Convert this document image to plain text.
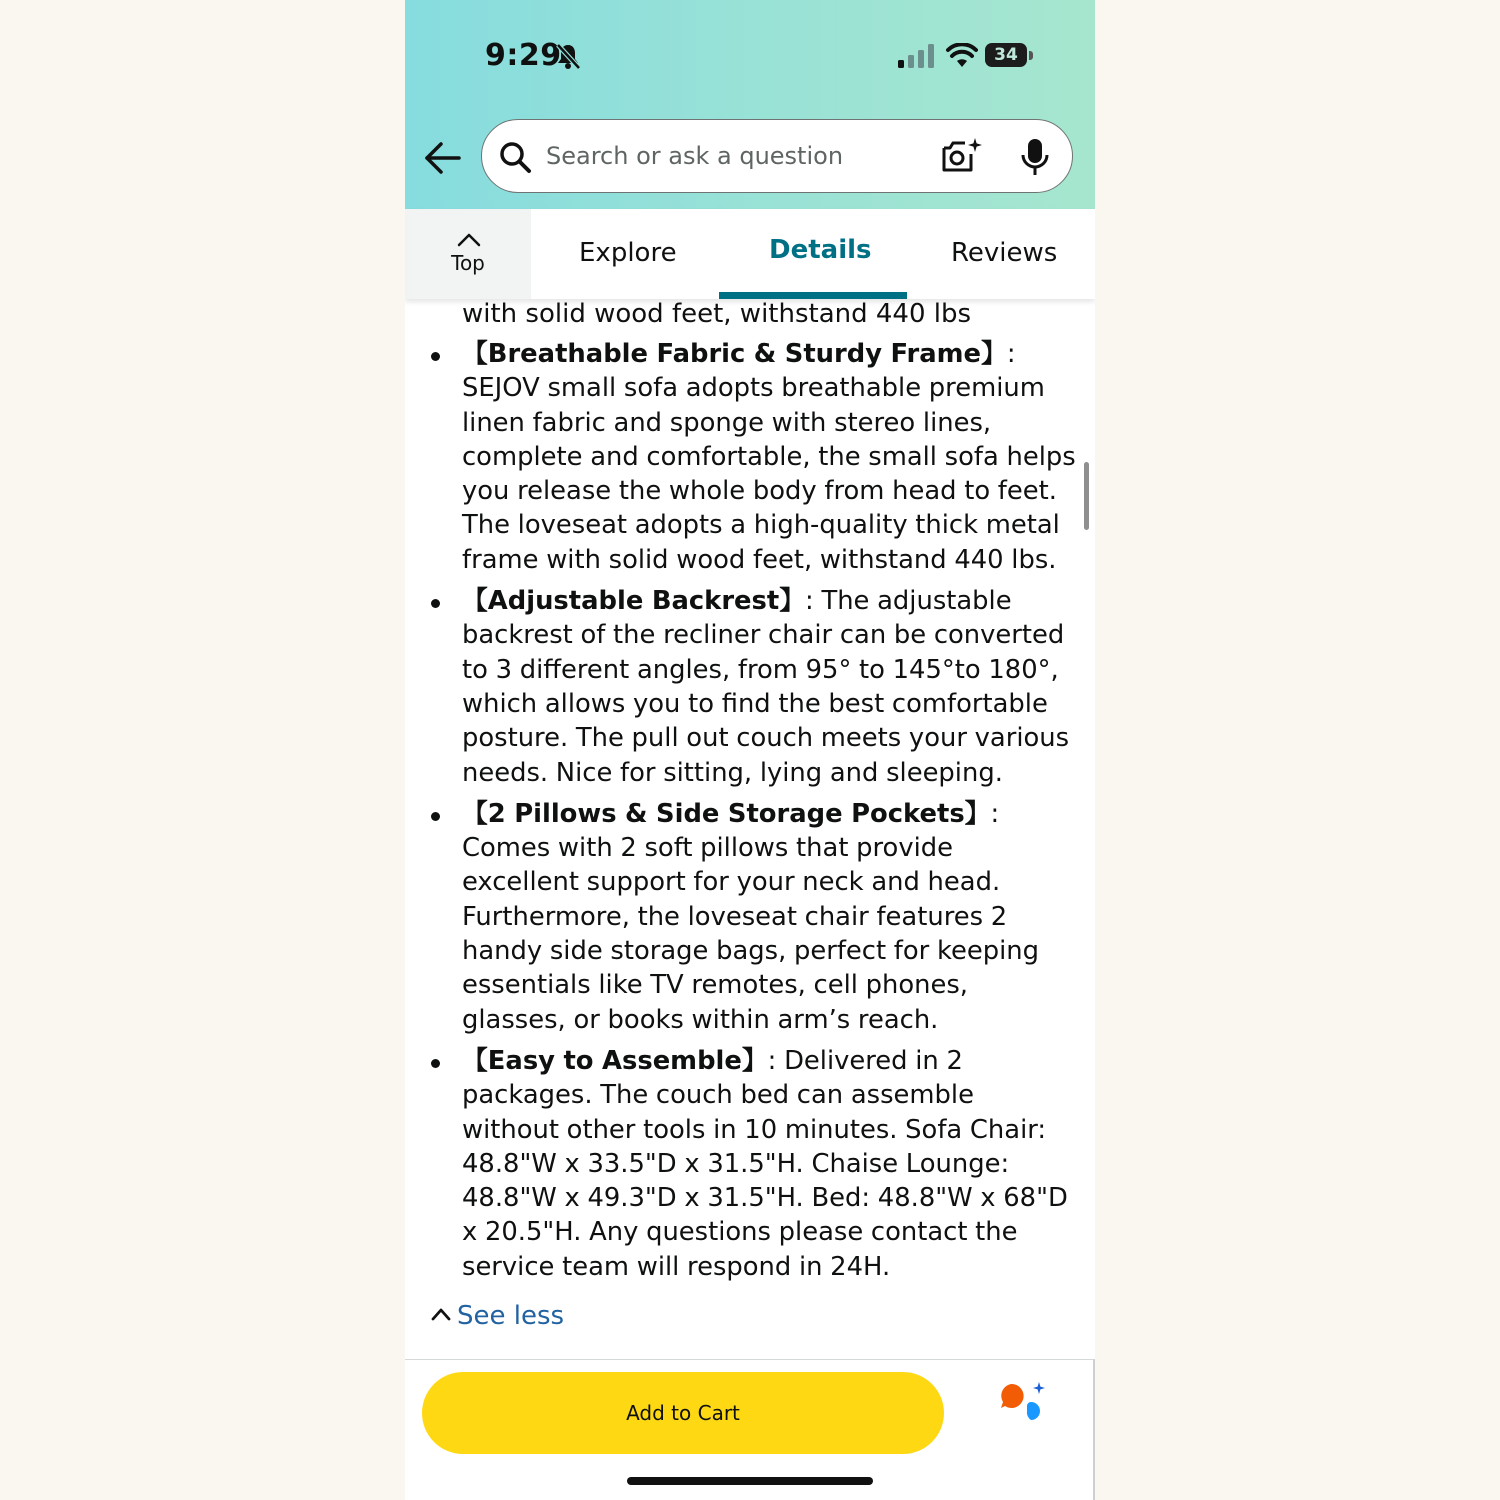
9:29	34
Search or ask a question
Top	Explore	Details	Reviews
with solid wood feet, withstand 440 lbs
【Breathable Fabric & Sturdy Frame】: SEJOV small sofa adopts breathable premium linen fabric and sponge with stereo lines, complete and comfortable, the small sofa helps you release the whole body from head to feet. The loveseat adopts a high-quality thick metal frame with solid wood feet, withstand 440 lbs.
【Adjustable Backrest】: The adjustable backrest of the recliner chair can be converted to 3 different angles, from 95° to 145°to 180°, which allows you to find the best comfortable posture. The pull out couch meets your various needs. Nice for sitting, lying and sleeping.
【2 Pillows & Side Storage Pockets】: Comes with 2 soft pillows that provide excellent support for your neck and head. Furthermore, the loveseat chair features 2 handy side storage bags, perfect for keeping essentials like TV remotes, cell phones, glasses, or books within arm’s reach.
【Easy to Assemble】: Delivered in 2 packages. The couch bed can assemble without other tools in 10 minutes. Sofa Chair: 48.8"W x 33.5"D x 31.5"H. Chaise Lounge: 48.8"W x 49.3"D x 31.5"H. Bed: 48.8"W x 68"D x 20.5"H. Any questions please contact the service team will respond in 24H.
See less
Add to Cart
